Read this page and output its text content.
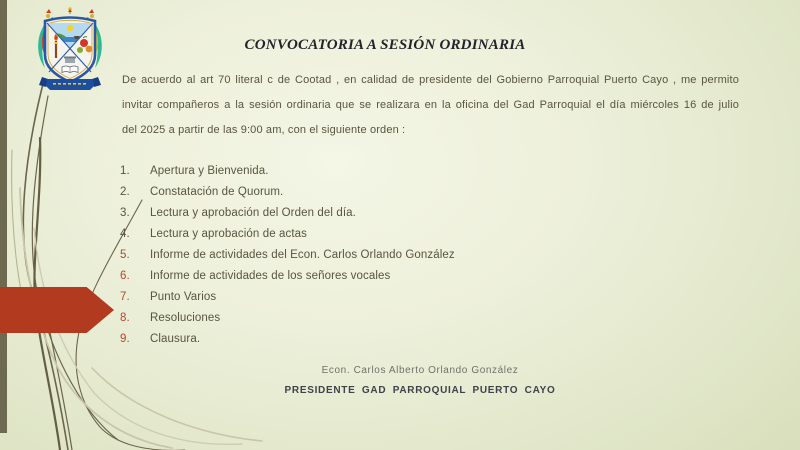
CONVOCATORIA A SESIÓN ORDINARIA
De acuerdo al art 70 literal c de Cootad , en calidad de presidente del Gobierno Parroquial Puerto Cayo , me permito
invitar compañeros a la sesión ordinaria que se realizara en la oficina del Gad Parroquial el día miércoles 16 de julio
del 2025 a partir de las 9:00 am, con el siguiente orden :
1.	Apertura y Bienvenida.
2.	Constatación de Quorum.
3.	Lectura y aprobación del Orden del día.
4.	Lectura y aprobación de actas
5.	Informe de actividades del Econ. Carlos Orlando González
6.	Informe de actividades de los señores vocales
7.	Punto Varios
8.	Resoluciones
9.	Clausura.
Econ. Carlos Alberto Orlando González
PRESIDENTE GAD PARROQUIAL PUERTO CAYO
